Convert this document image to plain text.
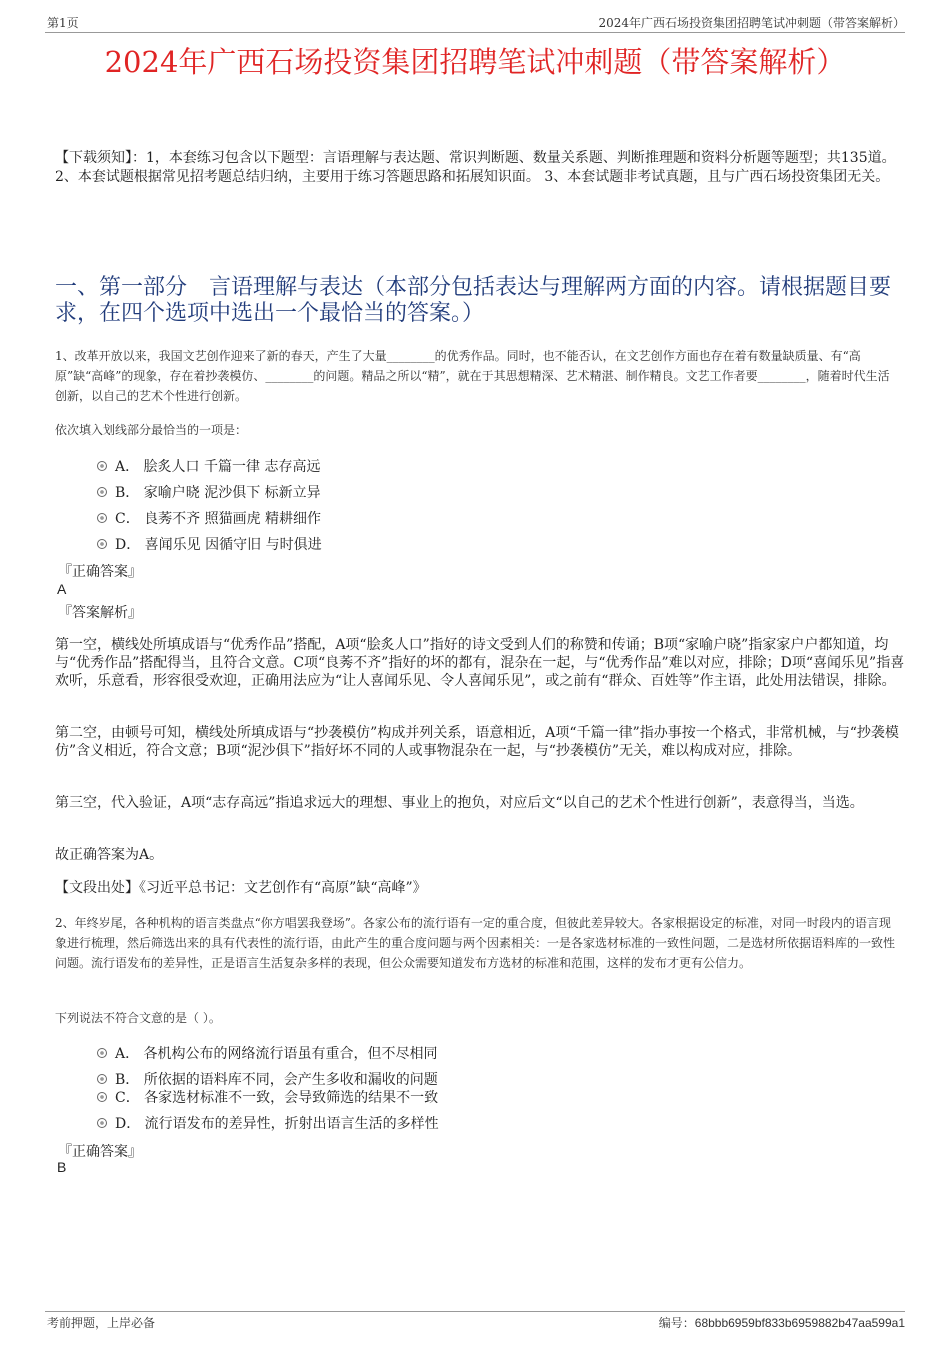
第1页	2024年广西石场投资集团招聘笔试冲刺题（带答案解析）
2024年广西石场投资集团招聘笔试冲刺题（带答案解析）
【下载须知】：1，本套练习包含以下题型：言语理解与表达题、常识判断题、数量关系题、判断推理题和资料分析题等题型；共135道。 2、本套试题根据常见招考题总结归纳，主要用于练习答题思路和拓展知识面。 3、本套试题非考试真题，且与广西石场投资集团无关。
一、第一部分　言语理解与表达（本部分包括表达与理解两方面的内容。请根据题目要求，在四个选项中选出一个最恰当的答案。）
1、改革开放以来，我国文艺创作迎来了新的春天，产生了大量________的优秀作品。同时，也不能否认，在文艺创作方面也存在着有数量缺质量、有“高原”缺“高峰”的现象，存在着抄袭模仿、________的问题。精品之所以“精”，就在于其思想精深、艺术精湛、制作精良。文艺工作者要________，随着时代生活创新，以自己的艺术个性进行创新。
依次填入划线部分最恰当的一项是：
A． 脍炙人口 千篇一律 志存高远
B． 家喻户晓 泥沙俱下 标新立异
C． 良莠不齐 照猫画虎 精耕细作
D． 喜闻乐见 因循守旧 与时俱进
『正确答案』
A
『答案解析』
第一空，横线处所填成语与“优秀作品”搭配，A项“脍炙人口”指好的诗文受到人们的称赞和传诵；B项“家喻户晓”指家家户户都知道，均与“优秀作品”搭配得当，且符合文意。C项“良莠不齐”指好的坏的都有，混杂在一起，与“优秀作品”难以对应，排除；D项“喜闻乐见”指喜欢听，乐意看，形容很受欢迎，正确用法应为“让人喜闻乐见、令人喜闻乐见”，或之前有“群众、百姓等”作主语，此处用法错误，排除。
第二空，由顿号可知，横线处所填成语与“抄袭模仿”构成并列关系，语意相近，A项“千篇一律”指办事按一个格式，非常机械，与“抄袭模仿”含义相近，符合文意；B项“泥沙俱下”指好坏不同的人或事物混杂在一起，与“抄袭模仿”无关，难以构成对应，排除。
第三空，代入验证，A项“志存高远”指追求远大的理想、事业上的抱负，对应后文“以自己的艺术个性进行创新”，表意得当，当选。
故正确答案为A。
【文段出处】《习近平总书记：文艺创作有“高原”缺“高峰”》
2、年终岁尾，各种机构的语言类盘点“你方唱罢我登场”。各家公布的流行语有一定的重合度，但彼此差异较大。各家根据设定的标准，对同一时段内的语言现象进行梳理，然后筛选出来的具有代表性的流行语，由此产生的重合度问题与两个因素相关：一是各家选材标准的一致性问题，二是选材所依据语料库的一致性问题。流行语发布的差异性，正是语言生活复杂多样的表现，但公众需要知道发布方选材的标准和范围，这样的发布才更有公信力。
下列说法不符合文意的是（ ）。
A． 各机构公布的网络流行语虽有重合，但不尽相同
B． 所依据的语料库不同，会产生多收和漏收的问题
C． 各家选材标准不一致，会导致筛选的结果不一致
D． 流行语发布的差异性，折射出语言生活的多样性
『正确答案』
B
考前押题，上岸必备	编号：68bbb6959bf833b6959882b47aa599a1
